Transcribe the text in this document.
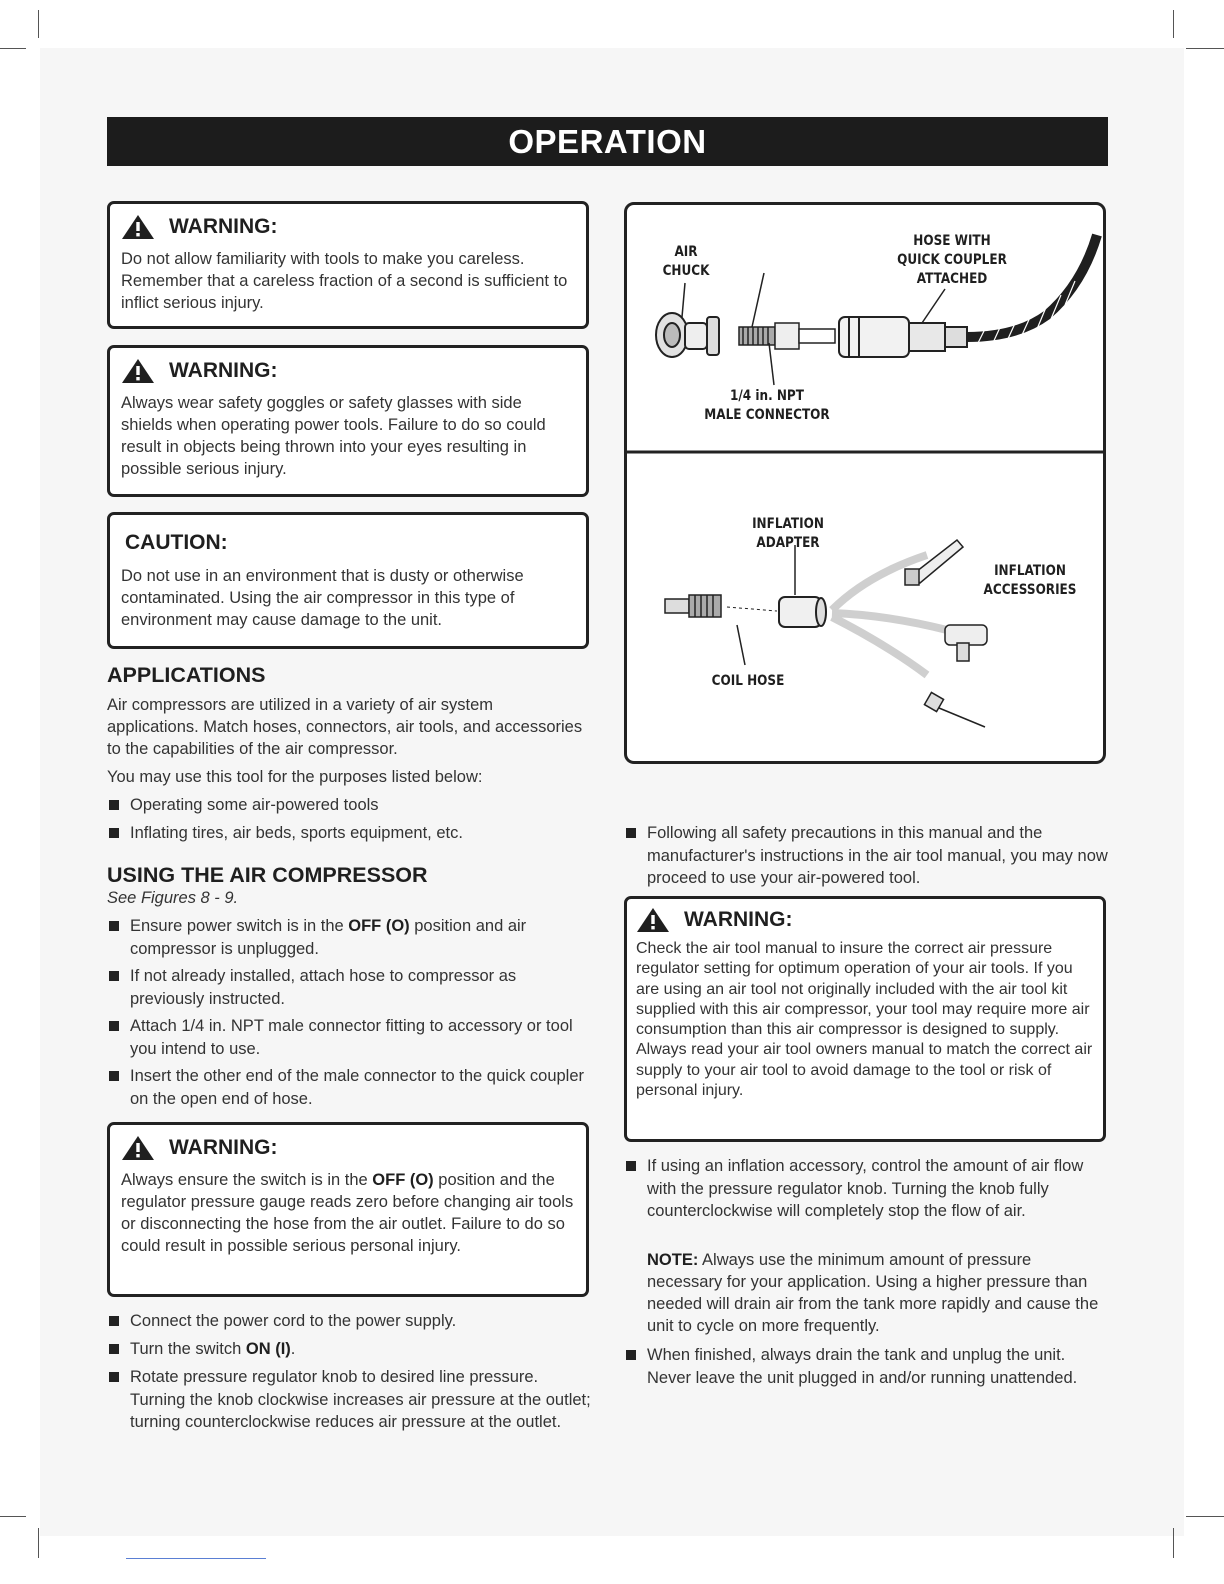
OPERATION
WARNING:
Do not allow familiarity with tools to make you careless. Remember that a careless fraction of a second is sufficient to inflict serious injury.
WARNING:
Always wear safety goggles or safety glasses with side shields when operating power tools. Failure to do so could result in objects being thrown into your eyes resulting in possible serious injury.
CAUTION:
Do not use in an environment that is dusty or otherwise contaminated. Using the air compressor in this type of environment may cause damage to the unit.
APPLICATIONS
Air compressors are utilized in a variety of air system applications. Match hoses, connectors, air tools, and accessories to the capabilities of the air compressor.
You may use this tool for the purposes listed below:
Operating some air-powered tools
Inflating tires, air beds, sports equipment, etc.
USING THE AIR COMPRESSOR
See Figures 8 - 9.
Ensure power switch is in the OFF (O) position and air compressor is unplugged.
If not already installed, attach hose to compressor as previously instructed.
Attach 1/4 in. NPT male connector fitting to accessory or tool you intend to use.
Insert the other end of the male connector to the quick coupler on the open end of hose.
WARNING:
Always ensure the switch is in the OFF (O) position and the regulator pressure gauge reads zero before changing air tools or disconnecting the hose from the air outlet. Failure to do so could result in possible serious personal injury.
Connect the power cord to the power supply.
Turn the switch ON (I).
Rotate pressure regulator knob to desired line pressure. Turning the knob clockwise increases air pressure at the outlet; turning counterclockwise reduces air pressure at the outlet.
AIR
CHUCK
HOSE WITH
QUICK COUPLER
ATTACHED
1/4 in. NPT
MALE CONNECTOR
INFLATION
ADAPTER
INFLATION
ACCESSORIES
COIL HOSE
Following all safety precautions in this manual and the manufacturer's instructions in the air tool manual, you may now proceed to use your air-powered tool.
WARNING:
Check the air tool manual to insure the correct air pressure regulator setting for optimum operation of your air tools. If you are using an air tool not originally included with the air tool kit supplied with this air compressor, your tool may require more air consumption than this air compressor is designed to supply. Always read your air tool owners manual to match the correct air supply to your air tool to avoid damage to the tool or risk of personal injury.
If using an inflation accessory, control the amount of air flow with the pressure regulator knob. Turning the knob fully counterclockwise will completely stop the flow of air.
NOTE: Always use the minimum amount of pressure necessary for your application. Using a higher pressure than needed will drain air from the tank more rapidly and cause the unit to cycle on more frequently.
When finished, always drain the tank and unplug the unit. Never leave the unit plugged in and/or running unattended.
